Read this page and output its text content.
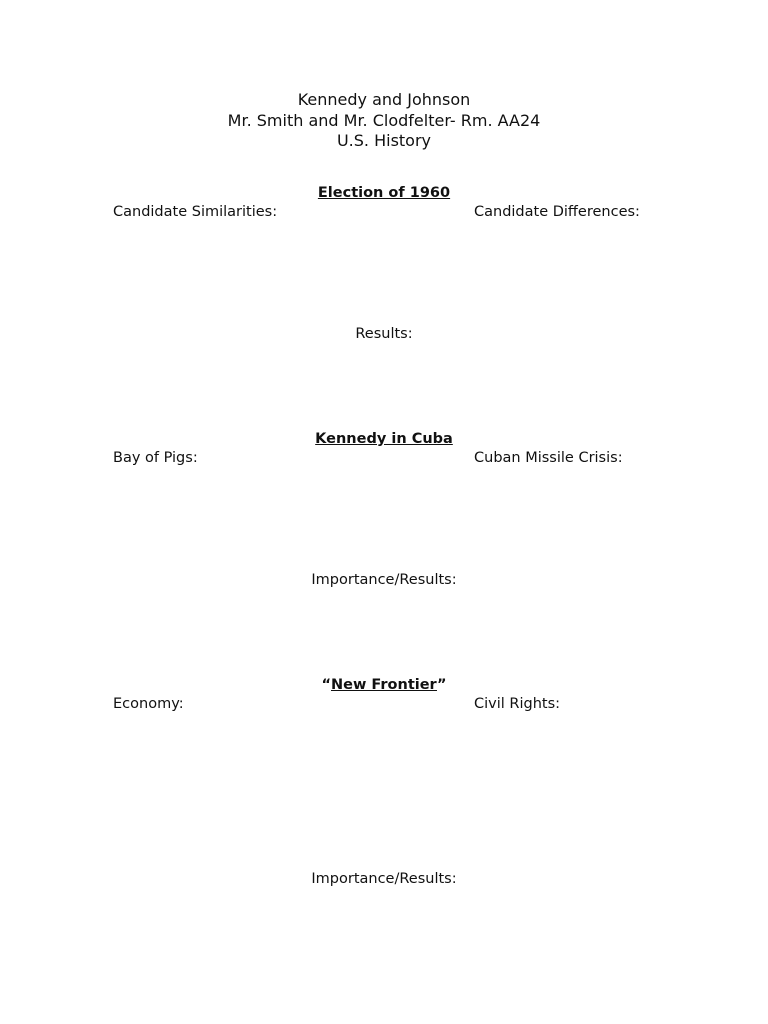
Kennedy and Johnson
Mr. Smith and Mr. Clodfelter- Rm. AA24
U.S. History
Election of 1960
Candidate Similarities:	Candidate Differences:
Results:
Kennedy in Cuba
Bay of Pigs:	Cuban Missile Crisis:
Importance/Results:
“New Frontier”
Economy:	Civil Rights:
Importance/Results:
